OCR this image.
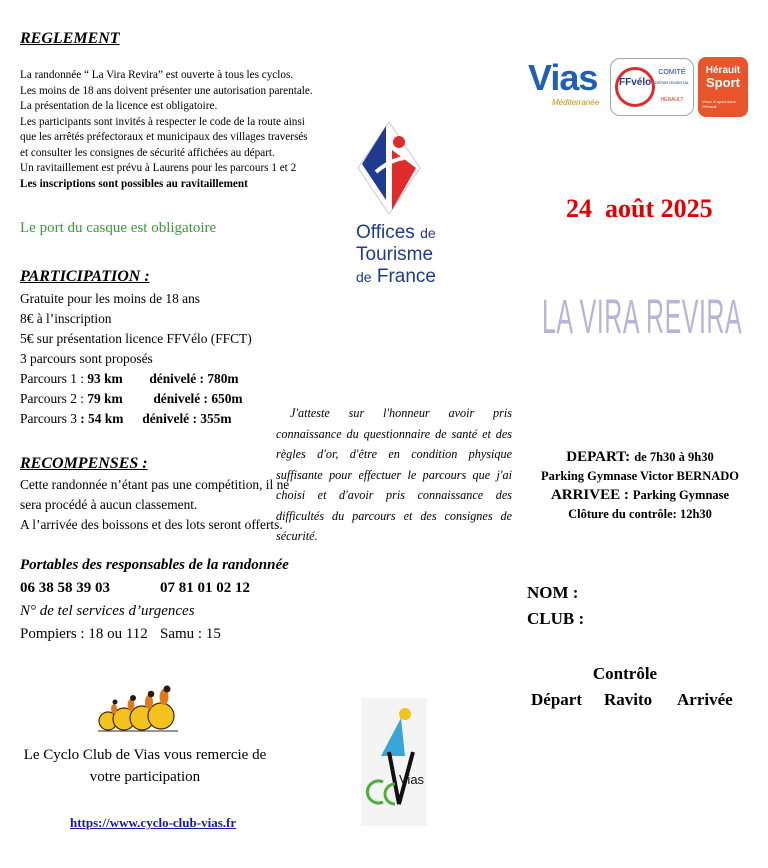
REGLEMENT
La randonnée “ La Vira Revira” est ouverte à tous les cyclos.
Les moins de 18 ans doivent présenter une autorisation parentale.
La présentation de la licence est obligatoire.
Les participants sont invités à respecter le code de la route ainsi
que les arrêtés préfectoraux et municipaux des villages traversés
et consulter les consignes de sécurité affichées au départ.
Un ravitaillement est prévu à Laurens pour les parcours 1 et 2
Les inscriptions sont possibles au ravitaillement
Le port du casque est obligatoire
PARTICIPATION :
Gratuite pour les moins de 18 ans
8€ à l’inscription
5€ sur présentation licence FFVélo (FFCT)
3 parcours sont proposés
Parcours 1 : 93 km dénivelé : 780m
Parcours 2 : 79 km dénivelé : 650m
Parcours 3 : 54 km dénivelé : 355m
RECOMPENSES :
Cette randonnée n’étant pas une compétition, il ne
sera procédé à aucun classement.
A l’arrivée des boissons et des lots seront offerts.
Portables des responsables de la randonnée
06 38 58 39 03	07 81 01 02 12
N° de tel services d’urgences
Pompiers : 18 ou 112 Samu : 15
Le Cyclo Club de Vias vous remercie de votre participation
https://www.cyclo-club-vias.fr
Offices de
Tourisme
de France
J'atteste sur l'honneur avoir pris connaissance du questionnaire de santé et des règles d'or, d'être en condition physique suffisante pour effectuer le parcours que j'ai choisi et d'avoir pris connaissance des difficultés du parcours et des consignes de sécurité.
Vias
Vias
Méditerranée
FFvélo
COMITÉ
DÉPARTEMENTAL
HÉRAULT
Hérault
Sport
Vivez le sport dans l'Hérault
24  août 2025
LA VIRA REVIRA
DEPART: de 7h30 à 9h30
Parking Gymnase Victor BERNADO
ARRIVEE : Parking Gymnase
Clôture du contrôle: 12h30
NOM :
CLUB :
Contrôle
Départ Ravito Arrivée
